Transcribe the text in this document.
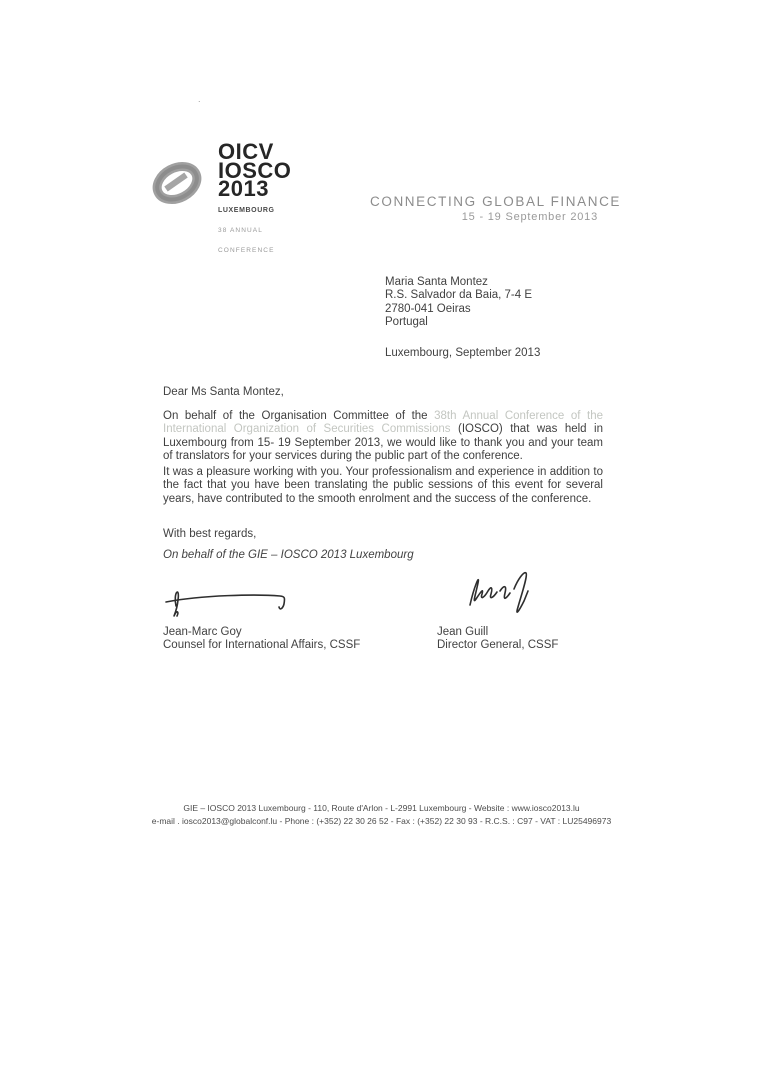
.
OICV
IOSCO
2013
LUXEMBOURG
38 ANNUAL
CONFERENCE
CONNECTING GLOBAL FINANCE
15 - 19 September 2013
Maria Santa Montez
R.S. Salvador da Baia, 7-4 E
2780-041 Oeiras
Portugal
Luxembourg, September 2013
Dear Ms Santa Montez,
On behalf of the Organisation Committee of the 38th Annual Conference of the International Organization of Securities Commissions (IOSCO) that was held in Luxembourg from 15- 19 September 2013, we would like to thank you and your team of translators for your services during the public part of the conference.
It was a pleasure working with you. Your professionalism and experience in addition to the fact that you have been translating the public sessions of this event for several years, have contributed to the smooth enrolment and the success of the conference.
With best regards,
On behalf of the GIE – IOSCO 2013 Luxembourg
Jean-Marc Goy
Counsel for International Affairs, CSSF
Jean Guill
Director General, CSSF
GIE – IOSCO 2013 Luxembourg - 110, Route d'Arlon - L-2991 Luxembourg - Website : www.iosco2013.lu
e-mail . iosco2013@globalconf.lu - Phone : (+352) 22 30 26 52 - Fax : (+352) 22 30 93 - R.C.S. : C97 - VAT : LU25496973
